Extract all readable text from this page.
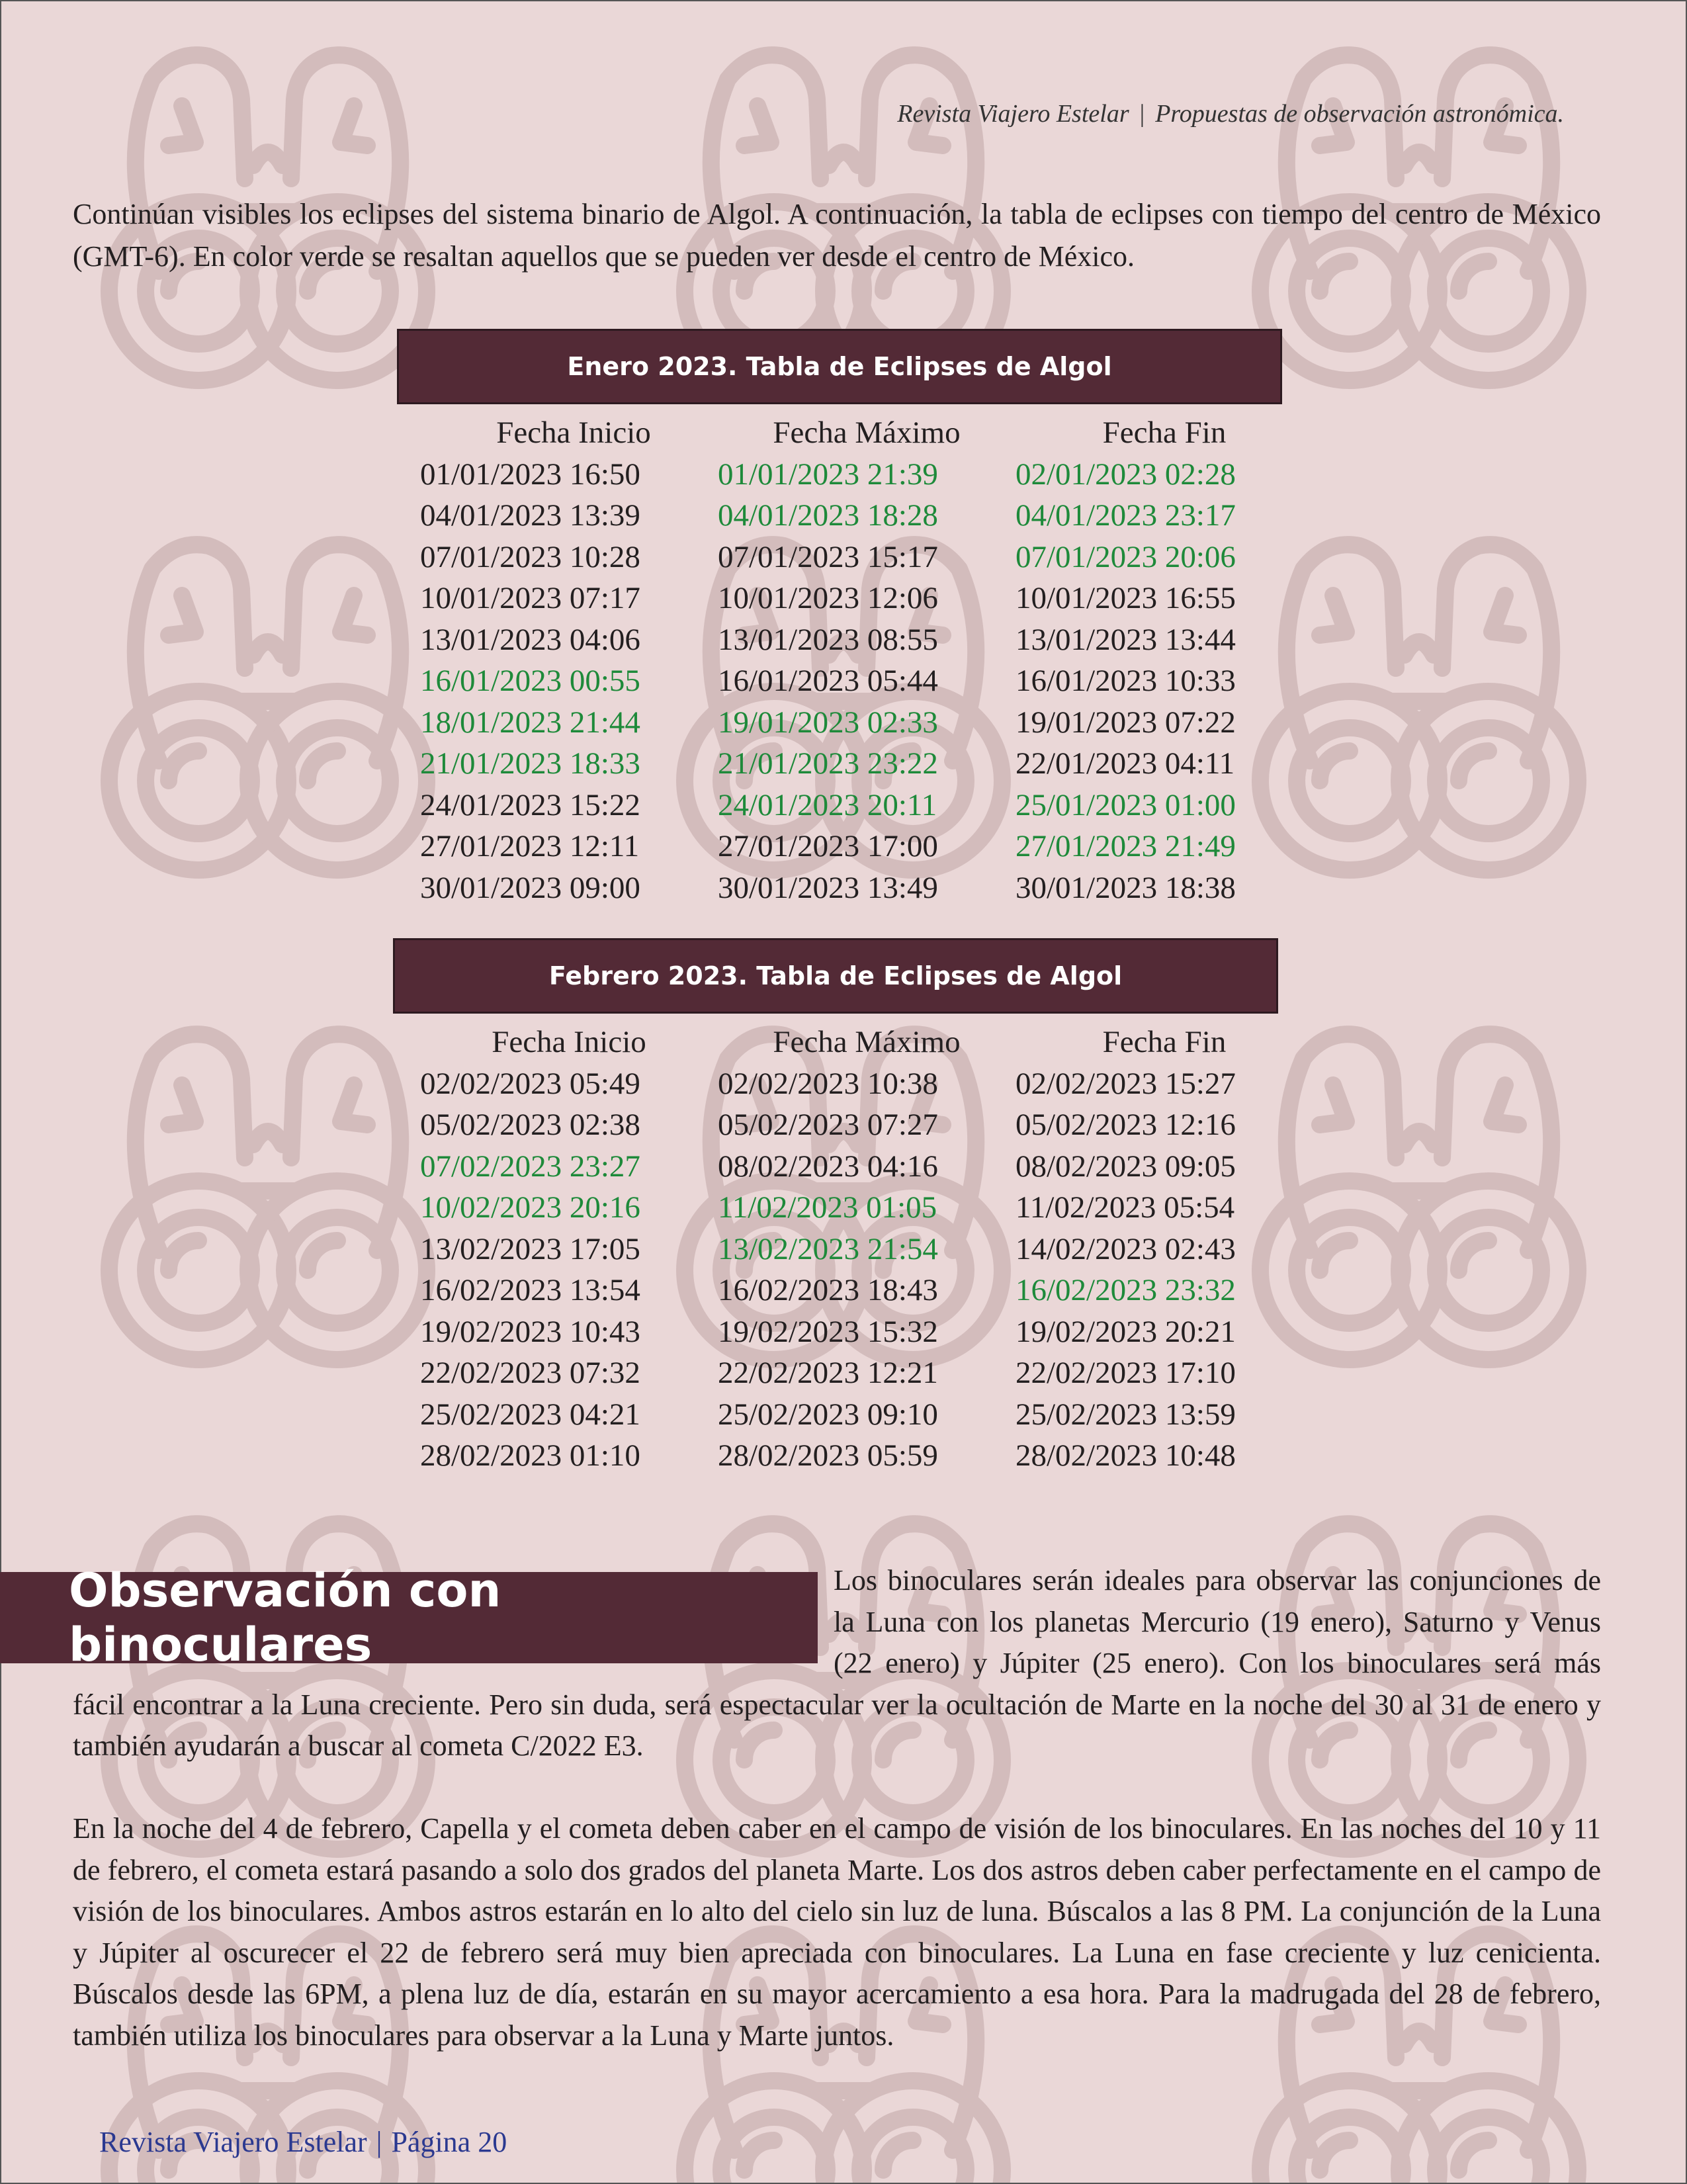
Revista Viajero Estelar | Propuestas de observación astronómica.
Continúan visibles los eclipses del sistema binario de Algol. A continuación, la tabla de eclipses con tiempo del centro de México (GMT-6). En color verde se resaltan aquellos que se pueden ver desde el centro de México.
Enero 2023. Tabla de Eclipses de Algol
Fecha Inicio	Fecha Máximo	Fecha Fin
01/01/2023 16:50	01/01/2023 21:39	02/01/2023 02:28
04/01/2023 13:39	04/01/2023 18:28	04/01/2023 23:17
07/01/2023 10:28	07/01/2023 15:17	07/01/2023 20:06
10/01/2023 07:17	10/01/2023 12:06	10/01/2023 16:55
13/01/2023 04:06	13/01/2023 08:55	13/01/2023 13:44
16/01/2023 00:55	16/01/2023 05:44	16/01/2023 10:33
18/01/2023 21:44	19/01/2023 02:33	19/01/2023 07:22
21/01/2023 18:33	21/01/2023 23:22	22/01/2023 04:11
24/01/2023 15:22	24/01/2023 20:11	25/01/2023 01:00
27/01/2023 12:11	27/01/2023 17:00	27/01/2023 21:49
30/01/2023 09:00	30/01/2023 13:49	30/01/2023 18:38
Febrero 2023. Tabla de Eclipses de Algol
Fecha Inicio	Fecha Máximo	Fecha Fin
02/02/2023 05:49	02/02/2023 10:38	02/02/2023 15:27
05/02/2023 02:38	05/02/2023 07:27	05/02/2023 12:16
07/02/2023 23:27	08/02/2023 04:16	08/02/2023 09:05
10/02/2023 20:16	11/02/2023 01:05	11/02/2023 05:54
13/02/2023 17:05	13/02/2023 21:54	14/02/2023 02:43
16/02/2023 13:54	16/02/2023 18:43	16/02/2023 23:32
19/02/2023 10:43	19/02/2023 15:32	19/02/2023 20:21
22/02/2023 07:32	22/02/2023 12:21	22/02/2023 17:10
25/02/2023 04:21	25/02/2023 09:10	25/02/2023 13:59
28/02/2023 01:10	28/02/2023 05:59	28/02/2023 10:48
Observación con binoculares

Los binoculares serán ideales para observar las conjunciones de la Luna con los planetas Mercurio (19 enero), Saturno y Venus (22 enero) y Júpiter (25 enero). Con los binoculares será más fácil encontrar a la Luna creciente. Pero sin duda, será espectacular ver la ocultación de Marte en la noche del 30 al 31 de enero y también ayudarán a buscar al cometa C/2022 E3.

En la noche del 4 de febrero, Capella y el cometa deben caber en el campo de visión de los binoculares. En las noches del 10 y 11 de febrero, el cometa estará pasando a solo dos grados del planeta Marte. Los dos astros deben caber perfectamente en el campo de visión de los binoculares. Ambos astros estarán en lo alto del cielo sin luz de luna. Búscalos a las 8 PM. La conjunción de la Luna y Júpiter al oscurecer el 22 de febrero será muy bien apreciada con binoculares. La Luna en fase creciente y luz cenicienta. Búscalos desde las 6PM, a plena luz de día, estarán en su mayor acercamiento a esa hora. Para la madrugada del 28 de febrero, también utiliza los binoculares para observar a la Luna y Marte juntos.

Revista Viajero Estelar | Página 20
